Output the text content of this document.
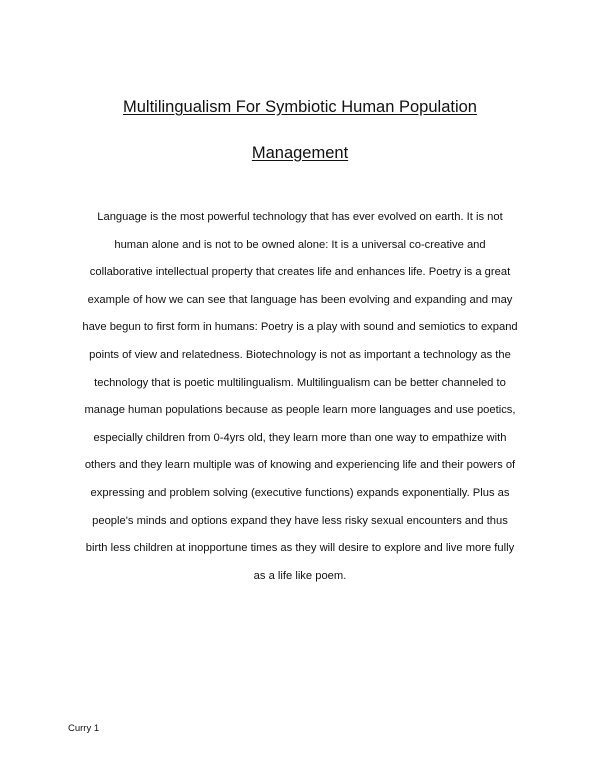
Multilingualism For Symbiotic Human Population
Management
Language is the most powerful technology that has ever evolved on earth. It is not
human alone and is not to be owned alone: It is a universal co-creative and
collaborative intellectual property that creates life and enhances life. Poetry is a great
example of how we can see that language has been evolving and expanding and may
have begun to first form in humans: Poetry is a play with sound and semiotics to expand
points of view and relatedness. Biotechnology is not as important a technology as the
technology that is poetic multilingualism. Multilingualism can be better channeled to
manage human populations because as people learn more languages and use poetics,
especially children from 0-4yrs old, they learn more than one way to empathize with
others and they learn multiple was of knowing and experiencing life and their powers of
expressing and problem solving (executive functions) expands exponentially. Plus as
people's minds and options expand they have less risky sexual encounters and thus
birth less children at inopportune times as they will desire to explore and live more fully
as a life like poem.
Curry 1
